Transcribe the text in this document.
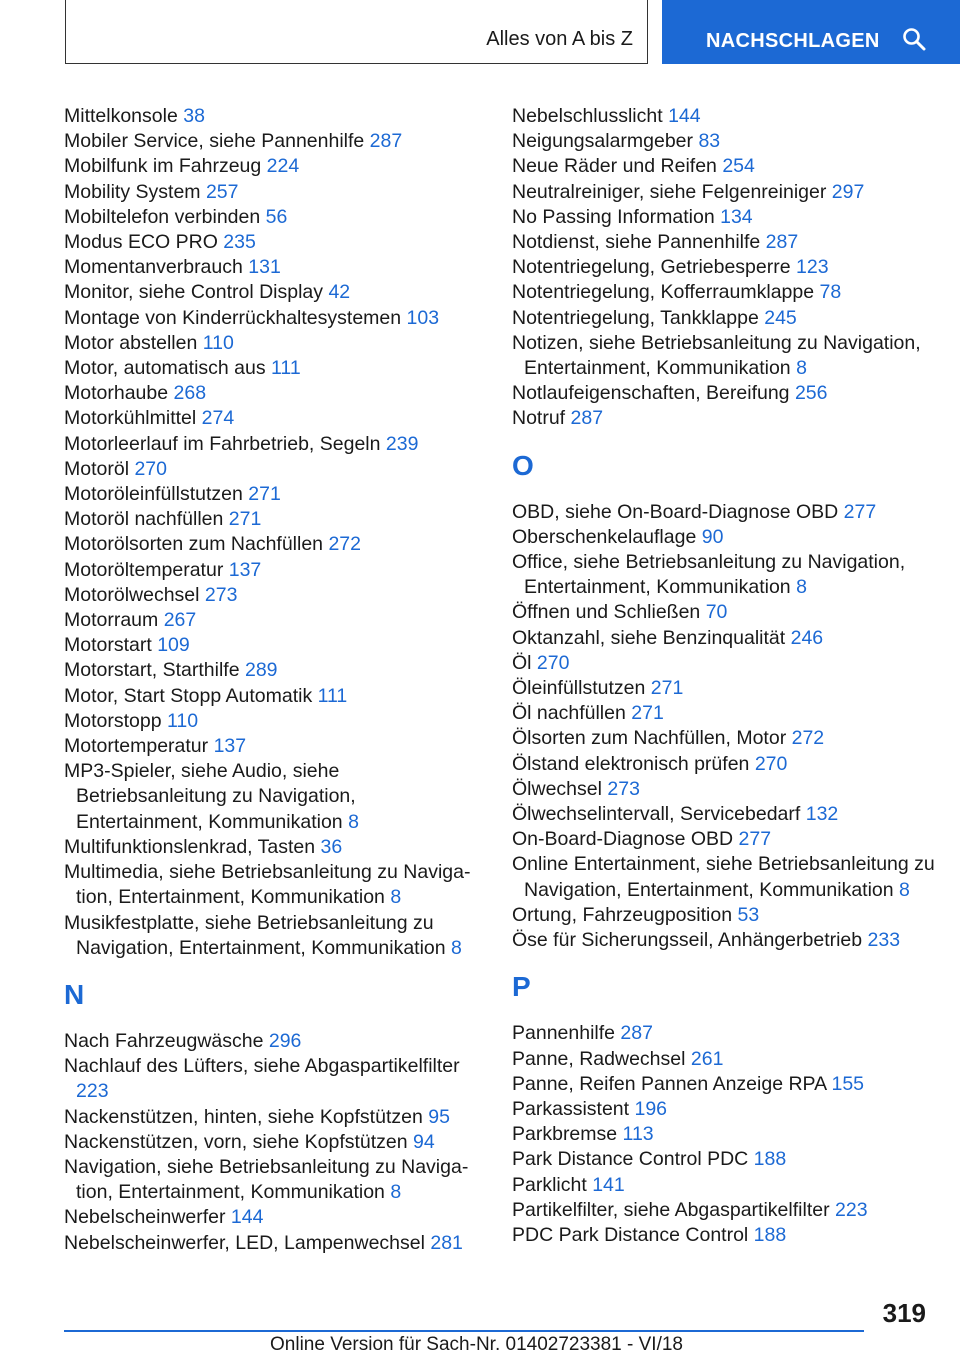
Alles von A bis Z	NACHSCHLAGEN
Mittelkonsole 38
Mobiler Service, siehe Pannenhilfe 287
Mobilfunk im Fahrzeug 224
Mobility System 257
Mobiltelefon verbinden 56
Modus ECO PRO 235
Momentanverbrauch 131
Monitor, siehe Control Display 42
Montage von Kinderrückhaltesystemen 103
Motor abstellen 110
Motor, automatisch aus 111
Motorhaube 268
Motorkühlmittel 274
Motorleerlauf im Fahrbetrieb, Segeln 239
Motoröl 270
Motoröleinfüllstutzen 271
Motoröl nachfüllen 271
Motorölsorten zum Nachfüllen 272
Motoröltemperatur 137
Motorölwechsel 273
Motorraum 267
Motorstart 109
Motorstart, Starthilfe 289
Motor, Start Stopp Automatik 111
Motorstopp 110
Motortemperatur 137
MP3-Spieler, siehe Audio, siehe Betriebsanleitung zu Navigation, Entertainment, Kommunikation 8
Multifunktionslenkrad, Tasten 36
Multimedia, siehe Betriebsanleitung zu Navigation, Entertainment, Kommunikation 8
Musikfestplatte, siehe Betriebsanleitung zu Navigation, Entertainment, Kommunikation 8
N
Nach Fahrzeugwäsche 296
Nachlauf des Lüfters, siehe Abgaspartikelfilter 223
Nackenstützen, hinten, siehe Kopfstützen 95
Nackenstützen, vorn, siehe Kopfstützen 94
Navigation, siehe Betriebsanleitung zu Navigation, Entertainment, Kommunikation 8
Nebelscheinwerfer 144
Nebelscheinwerfer, LED, Lampenwechsel 281
Nebelschlusslicht 144
Neigungsalarmgeber 83
Neue Räder und Reifen 254
Neutralreiniger, siehe Felgenreiniger 297
No Passing Information 134
Notdienst, siehe Pannenhilfe 287
Notentriegelung, Getriebesperre 123
Notentriegelung, Kofferraumklappe 78
Notentriegelung, Tankklappe 245
Notizen, siehe Betriebsanleitung zu Navigation, Entertainment, Kommunikation 8
Notlaufeigenschaften, Bereifung 256
Notruf 287
O
OBD, siehe On-Board-Diagnose OBD 277
Oberschenkelauflage 90
Office, siehe Betriebsanleitung zu Navigation, Entertainment, Kommunikation 8
Öffnen und Schließen 70
Oktanzahl, siehe Benzinqualität 246
Öl 270
Öleinfüllstutzen 271
Öl nachfüllen 271
Ölsorten zum Nachfüllen, Motor 272
Ölstand elektronisch prüfen 270
Ölwechsel 273
Ölwechselintervall, Servicebedarf 132
On-Board-Diagnose OBD 277
Online Entertainment, siehe Betriebsanleitung zu Navigation, Entertainment, Kommunikation 8
Ortung, Fahrzeugposition 53
Öse für Sicherungsseil, Anhängerbetrieb 233
P
Pannenhilfe 287
Panne, Radwechsel 261
Panne, Reifen Pannen Anzeige RPA 155
Parkassistent 196
Parkbremse 113
Park Distance Control PDC 188
Parklicht 141
Partikelfilter, siehe Abgaspartikelfilter 223
PDC Park Distance Control 188
319
Online Version für Sach-Nr. 01402723381 - VI/18
